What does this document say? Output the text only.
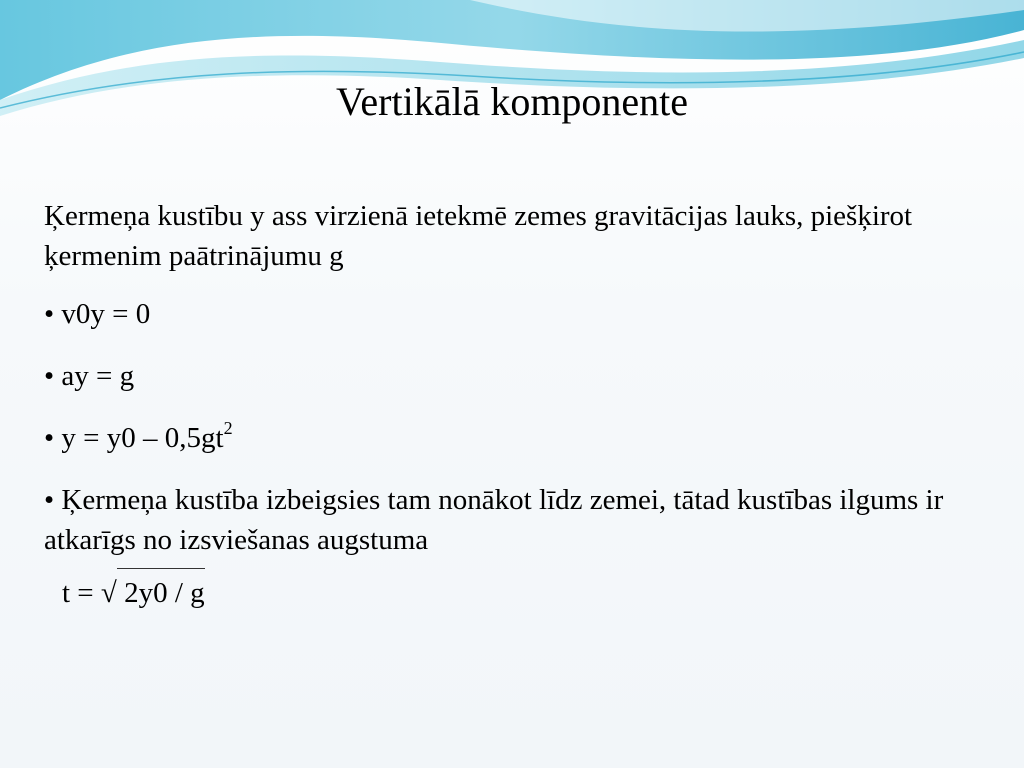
Vertikālā komponente

Ķermeņa kustību y ass virzienā ietekmē zemes gravitācijas lauks, piešķirot ķermenim paātrinājumu g

• v0y = 0

• ay = g

• $y = y0 - 0,5gt^2$

• Ķermeņa kustība izbeigsies tam nonākot līdz zemei, tātad kustības ilgums ir atkarīgs no izsviešanas augstuma

t = √ 2y0 / g
